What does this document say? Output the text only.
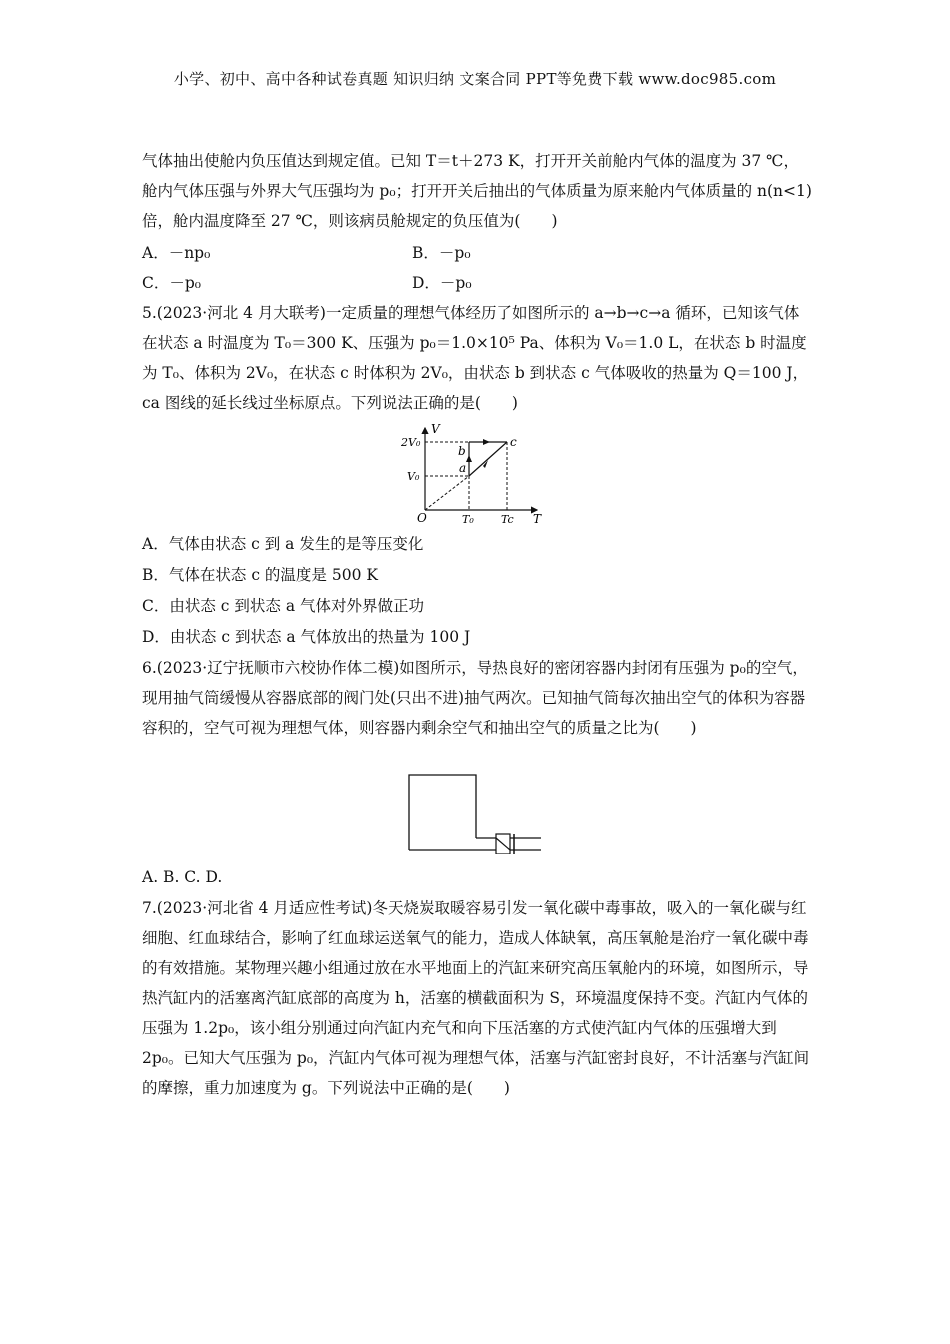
小学、初中、高中各种试卷真题 知识归纳 文案合同 PPT等免费下载 www.doc985.com
气体抽出使舱内负压值达到规定值。已知 T＝t＋273 K，打开开关前舱内气体的温度为 37 ℃，舱内气体压强与外界大气压强均为 p₀；打开开关后抽出的气体质量为原来舱内气体质量的 n(n<1)倍，舱内温度降至 27 ℃，则该病员舱规定的负压值为(　　)
A．－np₀	B．－p₀
C．－p₀	D．－p₀
5.(2023·河北 4 月大联考)一定质量的理想气体经历了如图所示的 a→b→c→a 循环，已知该气体在状态 a 时温度为 T₀＝300 K、压强为 p₀＝1.0×10⁵ Pa、体积为 V₀＝1.0 L，在状态 b 时温度为 T₀、体积为 2V₀，在状态 c 时体积为 2V₀，由状态 b 到状态 c 气体吸收的热量为 Q＝100 J，ca 图线的延长线过坐标原点。下列说法正确的是(　　)
V
T
O
2V₀
V₀
T₀ Tc
a
b
c
A．气体由状态 c 到 a 发生的是等压变化
B．气体在状态 c 的温度是 500 K
C．由状态 c 到状态 a 气体对外界做正功
D．由状态 c 到状态 a 气体放出的热量为 100 J
6.(2023·辽宁抚顺市六校协作体二模)如图所示，导热良好的密闭容器内封闭有压强为 p₀的空气，现用抽气筒缓慢从容器底部的阀门处(只出不进)抽气两次。已知抽气筒每次抽出空气的体积为容器容积的，空气可视为理想气体，则容器内剩余空气和抽出空气的质量之比为(　　)
A. B. C. D.
7.(2023·河北省 4 月适应性考试)冬天烧炭取暖容易引发一氧化碳中毒事故，吸入的一氧化碳与红细胞、红血球结合，影响了红血球运送氧气的能力，造成人体缺氧，高压氧舱是治疗一氧化碳中毒的有效措施。某物理兴趣小组通过放在水平地面上的汽缸来研究高压氧舱内的环境，如图所示，导热汽缸内的活塞离汽缸底部的高度为 h，活塞的横截面积为 S，环境温度保持不变。汽缸内气体的压强为 1.2p₀，该小组分别通过向汽缸内充气和向下压活塞的方式使汽缸内气体的压强增大到 2p₀。已知大气压强为 p₀，汽缸内气体可视为理想气体，活塞与汽缸密封良好，不计活塞与汽缸间的摩擦，重力加速度为 g。下列说法中正确的是(　　)
